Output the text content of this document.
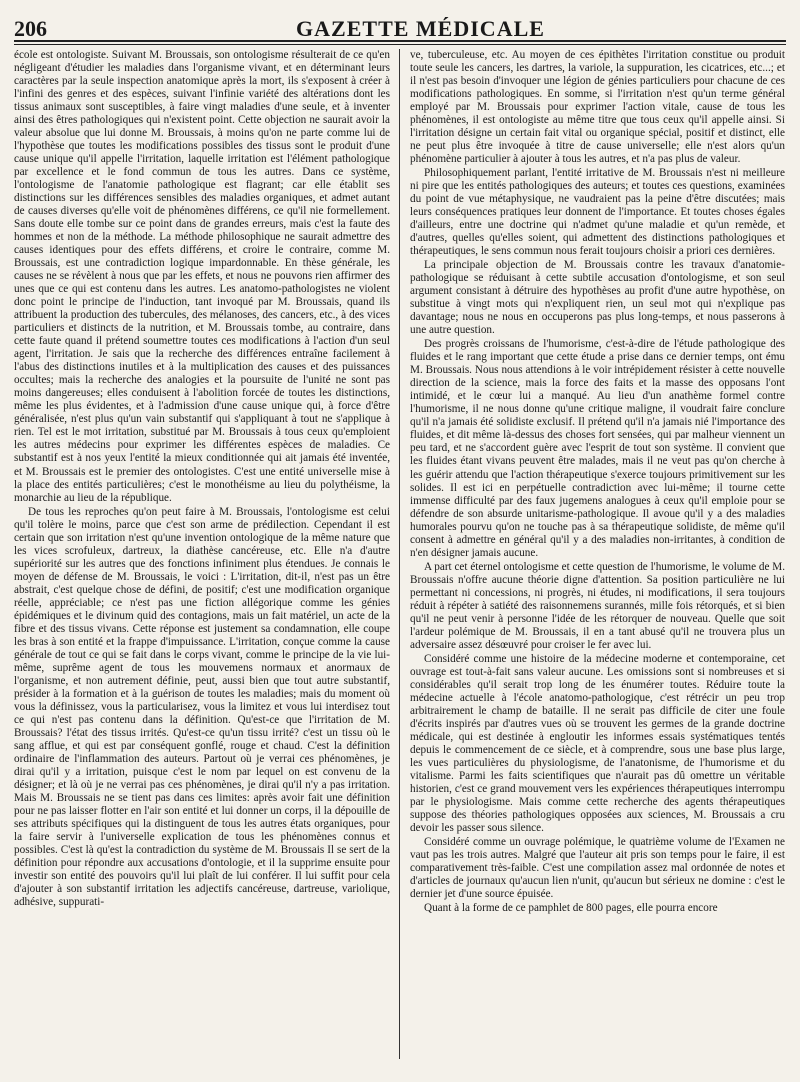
206	GAZETTE MÉDICALE

école est ontologiste. Suivant M. Broussais, son ontologisme résulterait de ce qu'en négligeant d'étudier les maladies dans l'organisme vivant, et en déterminant leurs caractères par la seule inspection anatomique après la mort, ils s'exposent à créer à l'infini des genres et des espèces, suivant l'infinie variété des altérations dont les tissus animaux sont susceptibles, à faire vingt maladies d'une seule, et à inventer ainsi des êtres pathologiques qui n'existent point. Cette objection ne saurait avoir la valeur absolue que lui donne M. Broussais, à moins qu'on ne parte comme lui de l'hypothèse que toutes les modifications possibles des tissus sont le produit d'une cause unique qu'il appelle l'irritation, laquelle irritation est l'élément pathologique par excellence et le fond commun de tous les autres. Dans ce système, l'ontologisme de l'anatomie pathologique est flagrant; car elle établit ses distinctions sur les différences sensibles des maladies organiques, et admet autant de causes diverses qu'elle voit de phénomènes différens, ce qu'il nie formellement. Sans doute elle tombe sur ce point dans de grandes erreurs, mais c'est la faute des hommes et non de la méthode. La méthode philosophique ne saurait admettre des causes identiques pour des effets différens, et croire le contraire, comme M. Broussais, est une contradiction logique impardonnable. En thèse générale, les causes ne se révèlent à nous que par les effets, et nous ne pouvons rien affirmer des unes que ce qui est contenu dans les autres. Les anatomo-pathologistes ne violent donc point le principe de l'induction, tant invoqué par M. Broussais, quand ils attribuent la production des tubercules, des mélanoses, des cancers, etc., à des vices particuliers et distincts de la nutrition, et M. Broussais tombe, au contraire, dans cette faute quand il prétend soumettre toutes ces modifications à l'action d'un seul agent, l'irritation. Je sais que la recherche des différences entraîne facilement à l'abus des distinctions inutiles et à la multiplication des causes et des puissances occultes; mais la recherche des analogies et la poursuite de l'unité ne sont pas moins dangereuses; elles conduisent à l'abolition forcée de toutes les distinctions, même les plus évidentes, et à l'admission d'une cause unique qui, à force d'être généralisée, n'est plus qu'un vain substantif qui s'appliquant à tout ne s'applique à rien. Tel est le mot irritation, substitué par M. Broussais à tous ceux qu'emploient les autres médecins pour exprimer les différentes espèces de maladies. Ce substantif est à nos yeux l'entité la mieux conditionnée qui ait jamais été inventée, et M. Broussais est le premier des ontologistes. C'est une entité universelle mise à la place des entités particulières; c'est le monothéisme au lieu du polythéisme, la monarchie au lieu de la république.

De tous les reproches qu'on peut faire à M. Broussais, l'ontologisme est celui qu'il tolère le moins, parce que c'est son arme de prédilection. Cependant il est certain que son irritation n'est qu'une invention ontologique de la même nature que les vices scrofuleux, dartreux, la diathèse cancéreuse, etc. Elle n'a d'autre supériorité sur les autres que des fonctions infiniment plus étendues. Je connais le moyen de défense de M. Broussais, le voici : L'irritation, dit-il, n'est pas un être abstrait, c'est quelque chose de défini, de positif; c'est une modification organique réelle, appréciable; ce n'est pas une fiction allégorique comme les génies épidémiques et le divinum quid des contagions, mais un fait matériel, un acte de la fibre et des tissus vivans. Cette réponse est justement sa condamnation, elle coupe les bras à son entité et la frappe d'impuissance. L'irritation, conçue comme la cause générale de tout ce qui se fait dans le corps vivant, comme le principe de la vie lui-même, suprême agent de tous les mouvemens normaux et anormaux de l'organisme, et non autrement définie, peut, aussi bien que tout autre substantif, présider à la formation et à la guérison de toutes les maladies; mais du moment où vous la définissez, vous la particularisez, vous la limitez et vous lui interdisez tout ce qui n'est pas contenu dans la définition. Qu'est-ce que l'irritation de M. Broussais? l'état des tissus irrités. Qu'est-ce qu'un tissu irrité? c'est un tissu où le sang afflue, et qui est par conséquent gonflé, rouge et chaud. C'est la définition ordinaire de l'inflammation des auteurs. Partout où je verrai ces phénomènes, je dirai qu'il y a irritation, puisque c'est le nom par lequel on est convenu de la désigner; et là où je ne verrai pas ces phénomènes, je dirai qu'il n'y a pas irritation. Mais M. Broussais ne se tient pas dans ces limites: après avoir fait une définition pour ne pas laisser flotter en l'air son entité et lui donner un corps, il la dépouille de ses attributs spécifiques qui la distinguent de tous les autres états organiques, pour la faire servir à l'universelle explication de tous les phénomènes connus et possibles. C'est là qu'est la contradiction du système de M. Broussais Il se sert de la définition pour répondre aux accusations d'ontologie, et il la supprime ensuite pour investir son entité des pouvoirs qu'il lui plaît de lui conférer. Il lui suffit pour cela d'ajouter à son substantif irritation les adjectifs cancéreuse, dartreuse, variolique, adhésive, suppurati-

ve, tuberculeuse, etc. Au moyen de ces épithètes l'irritation constitue ou produit toute seule les cancers, les dartres, la variole, la suppuration, les cicatrices, etc...; et il n'est pas besoin d'invoquer une légion de génies particuliers pour chacune de ces modifications pathologiques. En somme, si l'irritation n'est qu'un terme général employé par M. Broussais pour exprimer l'action vitale, cause de tous les phénomènes, il est ontologiste au même titre que tous ceux qu'il appelle ainsi. Si l'irritation désigne un certain fait vital ou organique spécial, positif et distinct, elle ne peut plus être invoquée à titre de cause universelle; elle n'est alors qu'un phénomène particulier à ajouter à tous les autres, et n'a pas plus de valeur.

Philosophiquement parlant, l'entité irritative de M. Broussais n'est ni meilleure ni pire que les entités pathologiques des auteurs; et toutes ces questions, examinées du point de vue métaphysique, ne vaudraient pas la peine d'être discutées; mais leurs conséquences pratiques leur donnent de l'importance. Et toutes choses égales d'ailleurs, entre une doctrine qui n'admet qu'une maladie et qu'un remède, et d'autres, quelles qu'elles soient, qui admettent des distinctions pathologiques et thérapeutiques, le sens commun nous ferait toujours choisir a priori ces dernières.

La principale objection de M. Broussais contre les travaux d'anatomie-pathologique se réduisant à cette subtile accusation d'ontologisme, et son seul argument consistant à détruire des hypothèses au profit d'une autre hypothèse, on substitue à vingt mots qui n'expliquent rien, un seul mot qui n'explique pas davantage; nous ne nous en occuperons pas plus long-temps, et nous passerons à une autre question.

Des progrès croissans de l'humorisme, c'est-à-dire de l'étude pathologique des fluides et le rang important que cette étude a prise dans ce dernier temps, ont ému M. Broussais. Nous nous attendions à le voir intrépidement résister à cette nouvelle direction de la science, mais la force des faits et la masse des opposans l'ont intimidé, et le cœur lui a manqué. Au lieu d'un anathème formel contre l'humorisme, il ne nous donne qu'une critique maligne, il voudrait faire conclure qu'il n'a jamais été solidiste exclusif. Il prétend qu'il n'a jamais nié l'importance des fluides, et dit même là-dessus des choses fort sensées, qui par malheur viennent un peu tard, et ne s'accordent guère avec l'esprit de tout son système. Il convient que les fluides étant vivans peuvent être malades, mais il ne veut pas qu'on cherche à les guérir attendu que l'action thérapeutique s'exerce toujours primitivement sur les solides. Il est ici en perpétuelle contradiction avec lui-même; il tourne cette immense difficulté par des faux jugemens analogues à ceux qu'il emploie pour se défendre de son absurde unitarisme-pathologique. Il avoue qu'il y a des maladies humorales pourvu qu'on ne touche pas à sa thérapeutique solidiste, de même qu'il consent à admettre en général qu'il y a des maladies non-irritantes, à condition de n'en désigner jamais aucune.

A part cet éternel ontologisme et cette question de l'humorisme, le volume de M. Broussais n'offre aucune théorie digne d'attention. Sa position particulière ne lui permettant ni concessions, ni progrès, ni études, ni modifications, il sera toujours réduit à répéter à satiété des raisonnemens surannés, mille fois rétorqués, et si bien qu'il ne peut venir à personne l'idée de les rétorquer de nouveau. Quelle que soit l'ardeur polémique de M. Broussais, il en a tant abusé qu'il ne trouvera plus un adversaire assez désœuvré pour croiser le fer avec lui.

Considéré comme une histoire de la médecine moderne et contemporaine, cet ouvrage est tout-à-fait sans valeur aucune. Les omissions sont si nombreuses et si considérables qu'il serait trop long de les énumérer toutes. Réduire toute la médecine actuelle à l'école anatomo-pathologique, c'est rétrécir un peu trop arbitrairement le champ de bataille. Il ne serait pas difficile de citer une foule d'écrits inspirés par d'autres vues où se trouvent les germes de la grande doctrine médicale, qui est destinée à engloutir les informes essais systématiques tentés depuis le commencement de ce siècle, et à comprendre, sous une base plus large, les vues particulières du physiologisme, de l'anatonisme, de l'humorisme et du vitalisme. Parmi les faits scientifiques que n'aurait pas dû omettre un véritable historien, c'est ce grand mouvement vers les expériences thérapeutiques interrompu par le physiologisme. Mais comme cette recherche des agents thérapeutiques suppose des théories pathologiques opposées aux sciences, M. Broussais a cru devoir les passer sous silence.

Considéré comme un ouvrage polémique, le quatrième volume de l'Examen ne vaut pas les trois autres. Malgré que l'auteur ait pris son temps pour le faire, il est comparativement très-faible. C'est une compilation assez mal ordonnée de notes et d'articles de journaux qu'aucun lien n'unit, qu'aucun but sérieux ne domine : c'est le dernier jet d'une source épuisée.

Quant à la forme de ce pamphlet de 800 pages, elle pourra encore
